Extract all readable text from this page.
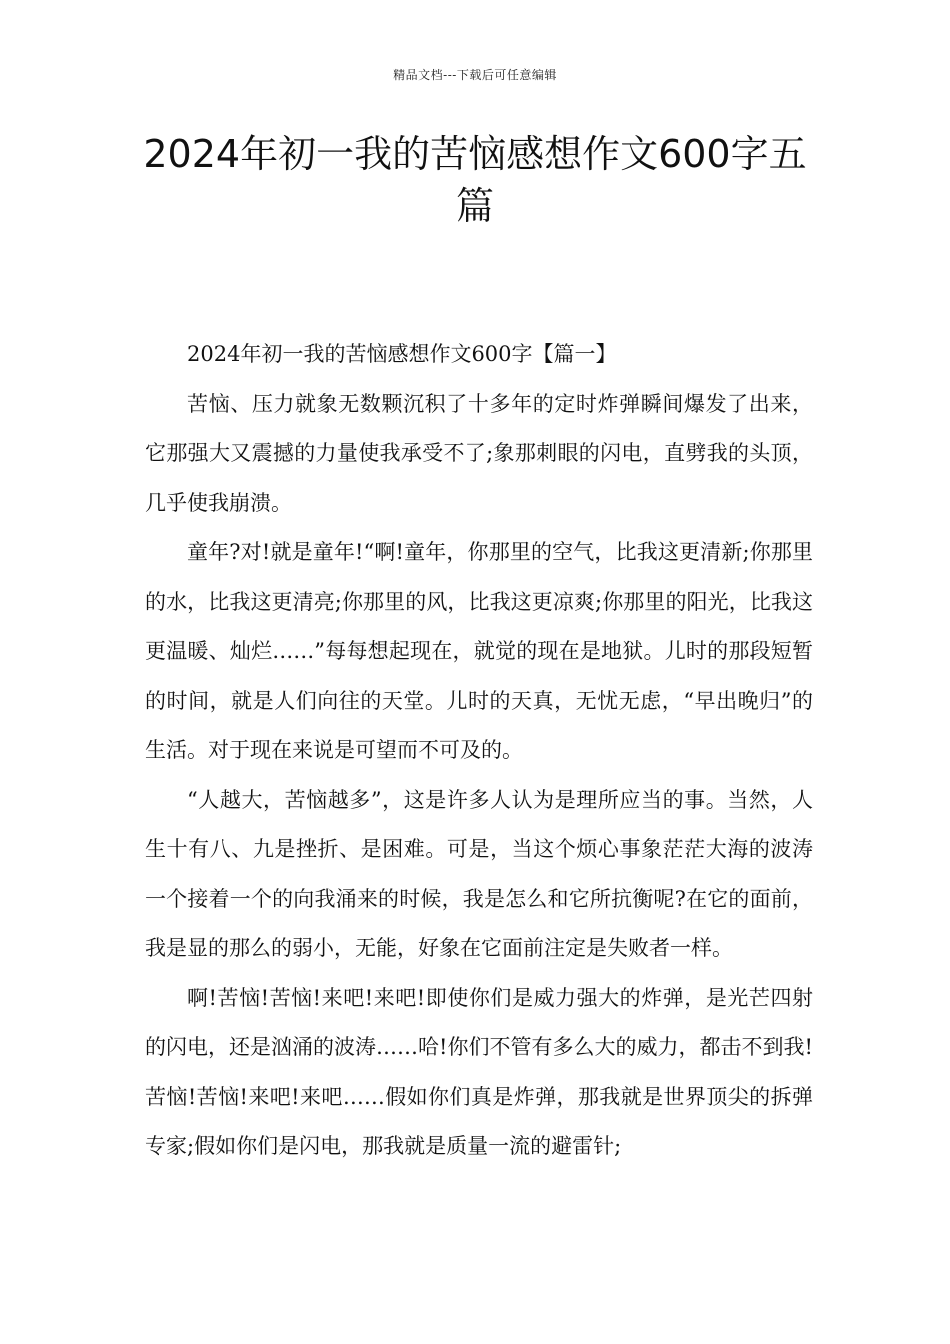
精品文档---下载后可任意编辑
2024年初一我的苦恼感想作文600字五篇

2024年初一我的苦恼感想作文600字【篇一】

苦恼、压力就象无数颗沉积了十多年的定时炸弹瞬间爆发了出来，它那强大又震撼的力量使我承受不了;象那刺眼的闪电，直劈我的头顶，几乎使我崩溃。

童年?对!就是童年!“啊!童年，你那里的空气，比我这更清新;你那里的水，比我这更清亮;你那里的风，比我这更凉爽;你那里的阳光，比我这更温暖、灿烂……”每每想起现在，就觉的现在是地狱。儿时的那段短暂的时间，就是人们向往的天堂。儿时的天真，无忧无虑，“早出晚归”的生活。对于现在来说是可望而不可及的。

“人越大，苦恼越多”，这是许多人认为是理所应当的事。当然，人生十有八、九是挫折、是困难。可是，当这个烦心事象茫茫大海的波涛一个接着一个的向我涌来的时候，我是怎么和它所抗衡呢?在它的面前，我是显的那么的弱小，无能，好象在它面前注定是失败者一样。

啊!苦恼!苦恼!来吧!来吧!即使你们是威力强大的炸弹，是光芒四射的闪电，还是汹涌的波涛……哈!你们不管有多么大的威力，都击不到我!苦恼!苦恼!来吧!来吧……假如你们真是炸弹，那我就是世界顶尖的拆弹专家;假如你们是闪电，那我就是质量一流的避雷针;
